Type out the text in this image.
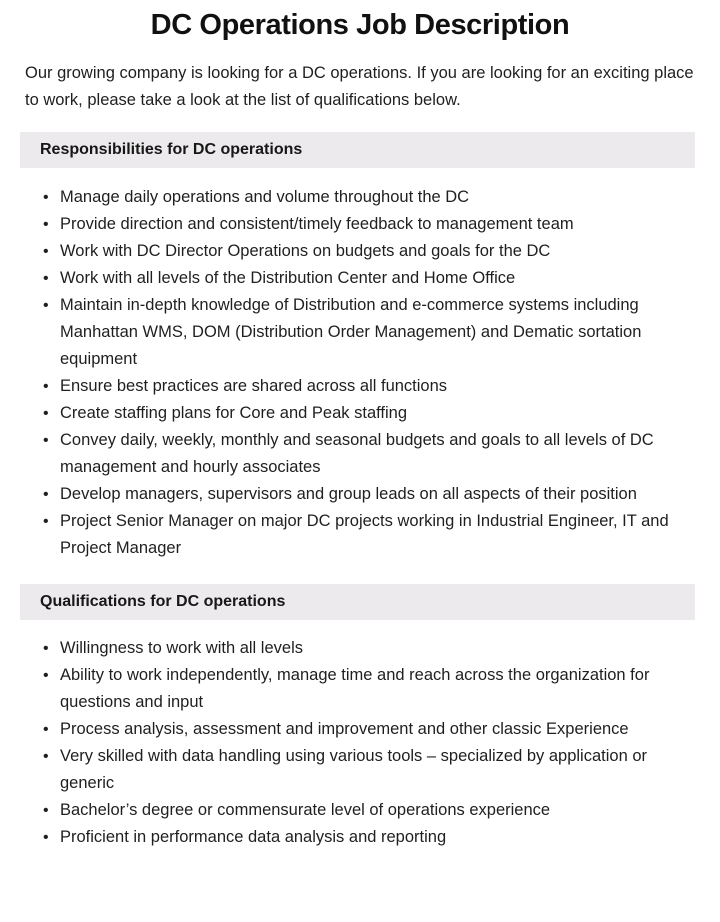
DC Operations Job Description

Our growing company is looking for a DC operations. If you are looking for an exciting place to work, please take a look at the list of qualifications below.

Responsibilities for DC operations
• Manage daily operations and volume throughout the DC
• Provide direction and consistent/timely feedback to management team
• Work with DC Director Operations on budgets and goals for the DC
• Work with all levels of the Distribution Center and Home Office
• Maintain in-depth knowledge of Distribution and e-commerce systems including Manhattan WMS, DOM (Distribution Order Management) and Dematic sortation equipment
• Ensure best practices are shared across all functions
• Create staffing plans for Core and Peak staffing
• Convey daily, weekly, monthly and seasonal budgets and goals to all levels of DC management and hourly associates
• Develop managers, supervisors and group leads on all aspects of their position
• Project Senior Manager on major DC projects working in Industrial Engineer, IT and Project Manager
Qualifications for DC operations
• Willingness to work with all levels
• Ability to work independently, manage time and reach across the organization for questions and input
• Process analysis, assessment and improvement and other classic Experience
• Very skilled with data handling using various tools – specialized by application or generic
• Bachelor’s degree or commensurate level of operations experience
• Proficient in performance data analysis and reporting
